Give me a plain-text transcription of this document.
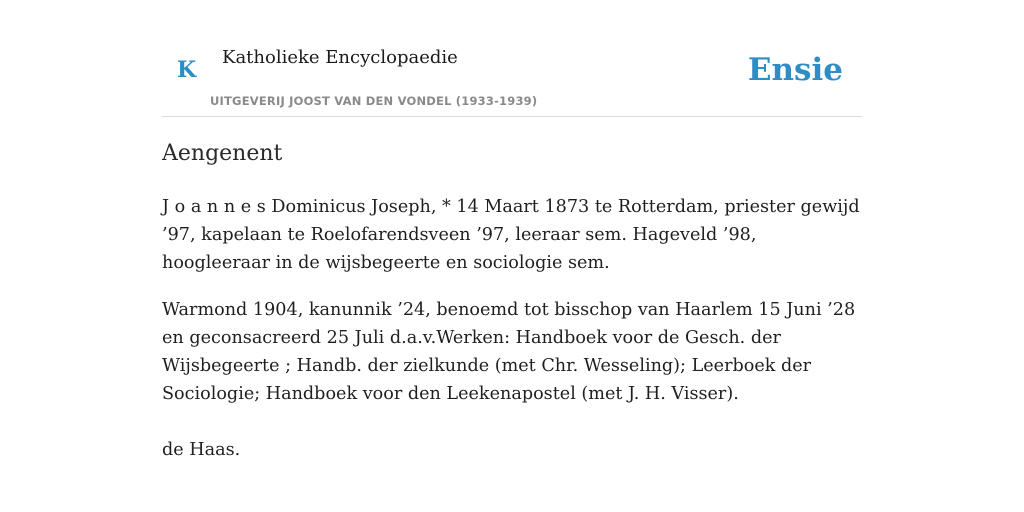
K Katholieke Encyclopaedie
UITGEVERIJ JOOST VAN DEN VONDEL (1933-1939)
Ensie
Aengenent

J o a n n e s Dominicus Joseph, * 14 Maart 1873 te Rotterdam, priester gewijd ’97, kapelaan te Roelofarendsveen ’97, leeraar sem. Hageveld ’98, hoogleeraar in de wijsbegeerte en sociologie sem.

Warmond 1904, kanunnik ’24, benoemd tot bisschop van Haarlem 15 Juni ’28 en geconsacreerd 25 Juli d.a.v.Werken: Handboek voor de Gesch. der Wijsbegeerte ; Handb. der zielkunde (met Chr. Wesseling); Leerboek der Sociologie; Handboek voor den Leekenapostel (met J. H. Visser).

de Haas.
